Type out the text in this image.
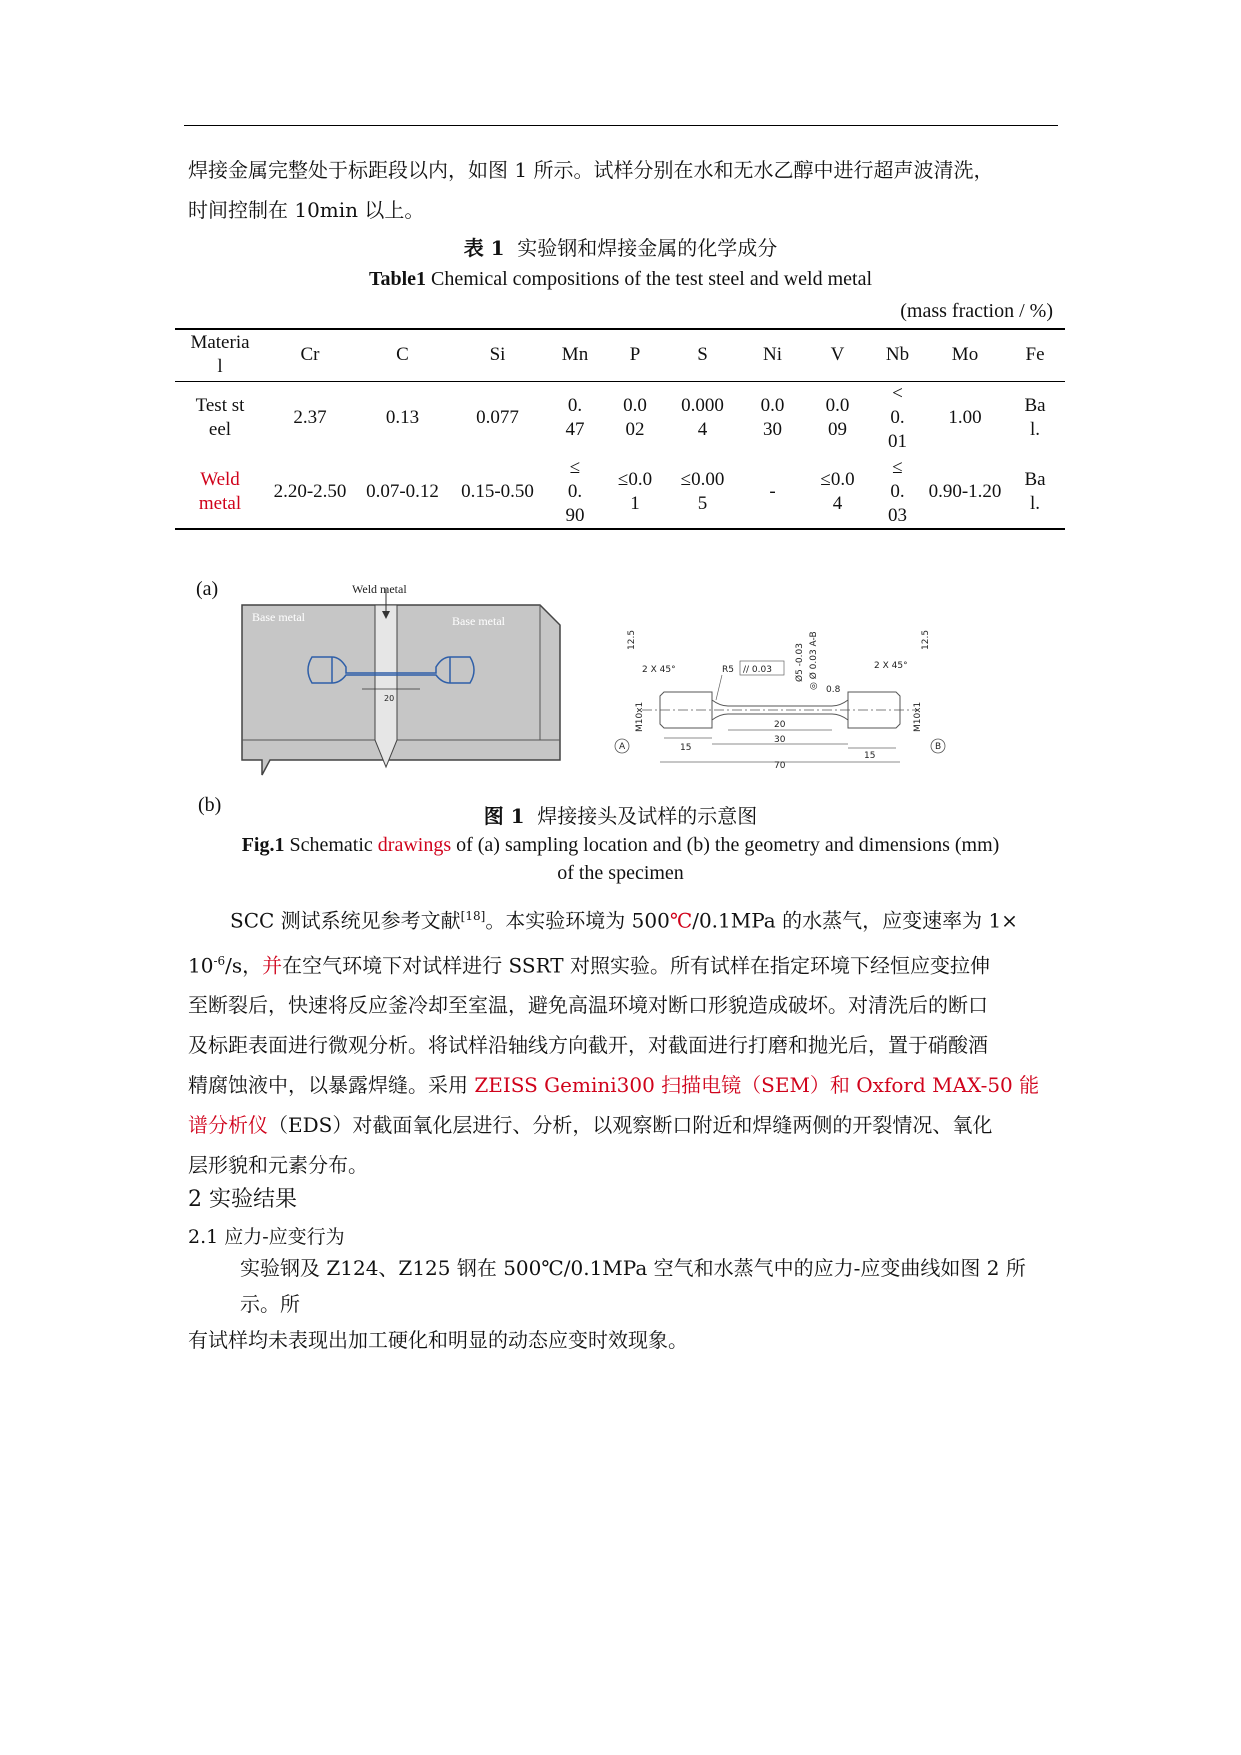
焊接金属完整处于标距段以内，如图 1 所示。试样分别在水和无水乙醇中进行超声波清洗，
时间控制在 10min 以上。
表 1 实验钢和焊接金属的化学成分
Table1 Chemical compositions of the test steel and weld metal
(mass fraction / %)
Material	Cr	C	Si	Mn	P	S	Ni	V	Nb	Mo	Fe
Test steel	2.37	0.13	0.077	0.47	0.002	0.0004	0.030	0.009	<0.01	1.00	Bal.
Weld metal	2.20-2.50	0.07-0.12	0.15-0.50	≤0.90	≤0.01	≤0.005	-	≤0.04	≤0.03	0.90-1.20	Bal.
(a)
(b)
Weld metal
Base metal	Base metal
20
15
20
30
15
70
2 X 45°	2 X 45°
R5 // 0.03	Ø5 -0.03 ◎ Ø 0.03 A-B 0.8
12.5	12.5
M10x1	M10x1
A	B
图 1 焊接接头及试样的示意图
Fig.1 Schematic drawings of (a) sampling location and (b) the geometry and dimensions (mm)
of the specimen
SCC 测试系统见参考文献[18]。本实验环境为 500℃/0.1MPa 的水蒸气，应变速率为 1×
$10^{-6}/s$，并在空气环境下对试样进行 SSRT 对照实验。所有试样在指定环境下经恒应变拉伸
至断裂后，快速将反应釜冷却至室温，避免高温环境对断口形貌造成破坏。对清洗后的断口
及标距表面进行微观分析。将试样沿轴线方向截开，对截面进行打磨和抛光后，置于硝酸酒
精腐蚀液中，以暴露焊缝。采用 ZEISS Gemini300 扫描电镜（SEM）和 Oxford MAX-50 能
谱分析仪（EDS）对截面氧化层进行、分析，以观察断口附近和焊缝两侧的开裂情况、氧化
层形貌和元素分布。
2 实验结果
2.1 应力-应变行为
实验钢及 Z124、Z125 钢在 500℃/0.1MPa 空气和水蒸气中的应力-应变曲线如图 2 所示。所
有试样均未表现出加工硬化和明显的动态应变时效现象。
